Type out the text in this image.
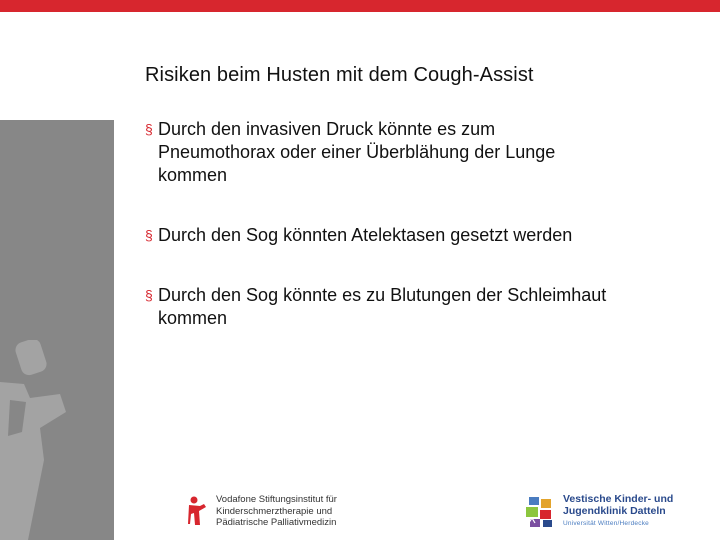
Risiken beim Husten mit dem Cough-Assist
§ Durch den invasiven Druck könnte es zum
Pneumothorax oder einer Überblähung der Lunge
kommen
§ Durch den Sog könnten Atelektasen gesetzt werden
§ Durch den Sog könnte es zu Blutungen der Schleimhaut
kommen
Vodafone Stiftungsinstitut für
Kinderschmerztherapie und
Pädiatrische Palliativmedizin
Vestische Kinder- und
Jugendklinik Datteln
Universität Witten/Herdecke
